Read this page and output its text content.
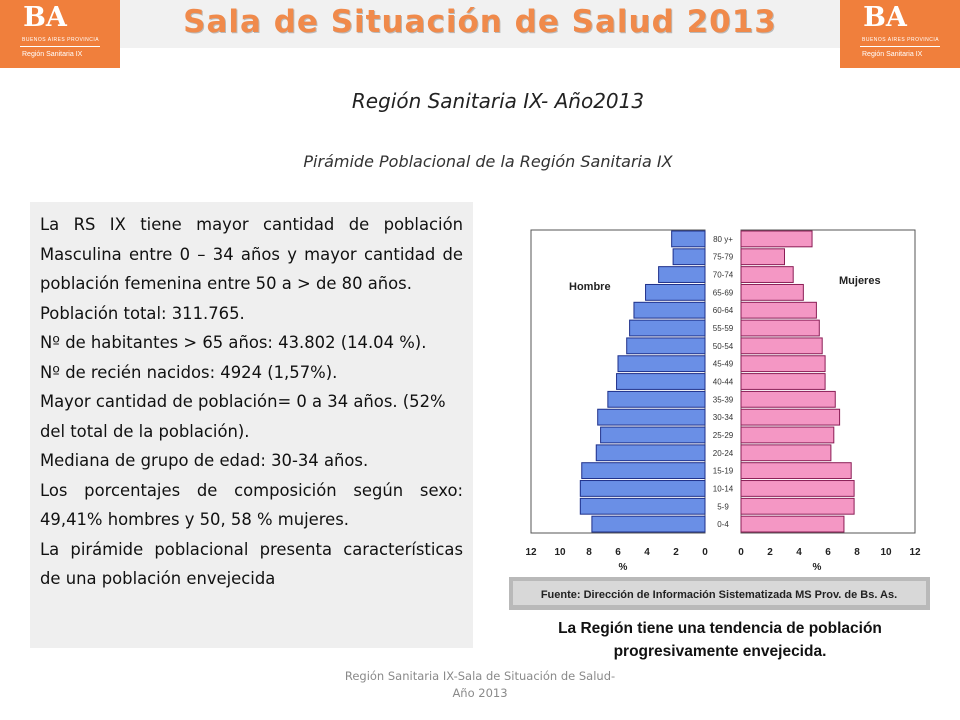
Sala de Situación de Salud 2013
BA
BUENOS AIRES PROVINCIA
Región Sanitaria IX
BA
BUENOS AIRES PROVINCIA
Región Sanitaria IX
Región Sanitaria IX- Año2013
Pirámide Poblacional de la Región Sanitaria IX

La RS IX tiene mayor cantidad de población Masculina entre 0 – 34 años y mayor cantidad de población femenina entre 50 a > de 80 años.

Población total: 311.765.

Nº de habitantes > 65 años: 43.802 (14.04 %).

Nº de recién nacidos: 4924 (1,57%).

Mayor cantidad de población= 0 a 34 años. (52% del total de la población).

Mediana de grupo de edad: 30-34 años.

Los porcentajes de composición según sexo: 49,41% hombres y 50, 58 % mujeres.

La pirámide poblacional presenta características de una población envejecida

80 y+
75-79
70-74
65-69
60-64
55-59
50-54
45-49
40-44
35-39
30-34
25-29
20-24
15-19
10-14
5-9
0-4
Hombre	Mujeres
12	0
10	2
8	4
6	6
4	8
2	10
0	12
%	%
Fuente: Dirección de Información Sistematizada MS Prov. de Bs. As.
La Región tiene una tendencia de población progresivamente envejecida.
Región Sanitaria IX-Sala de Situación de Salud-Año 2013
